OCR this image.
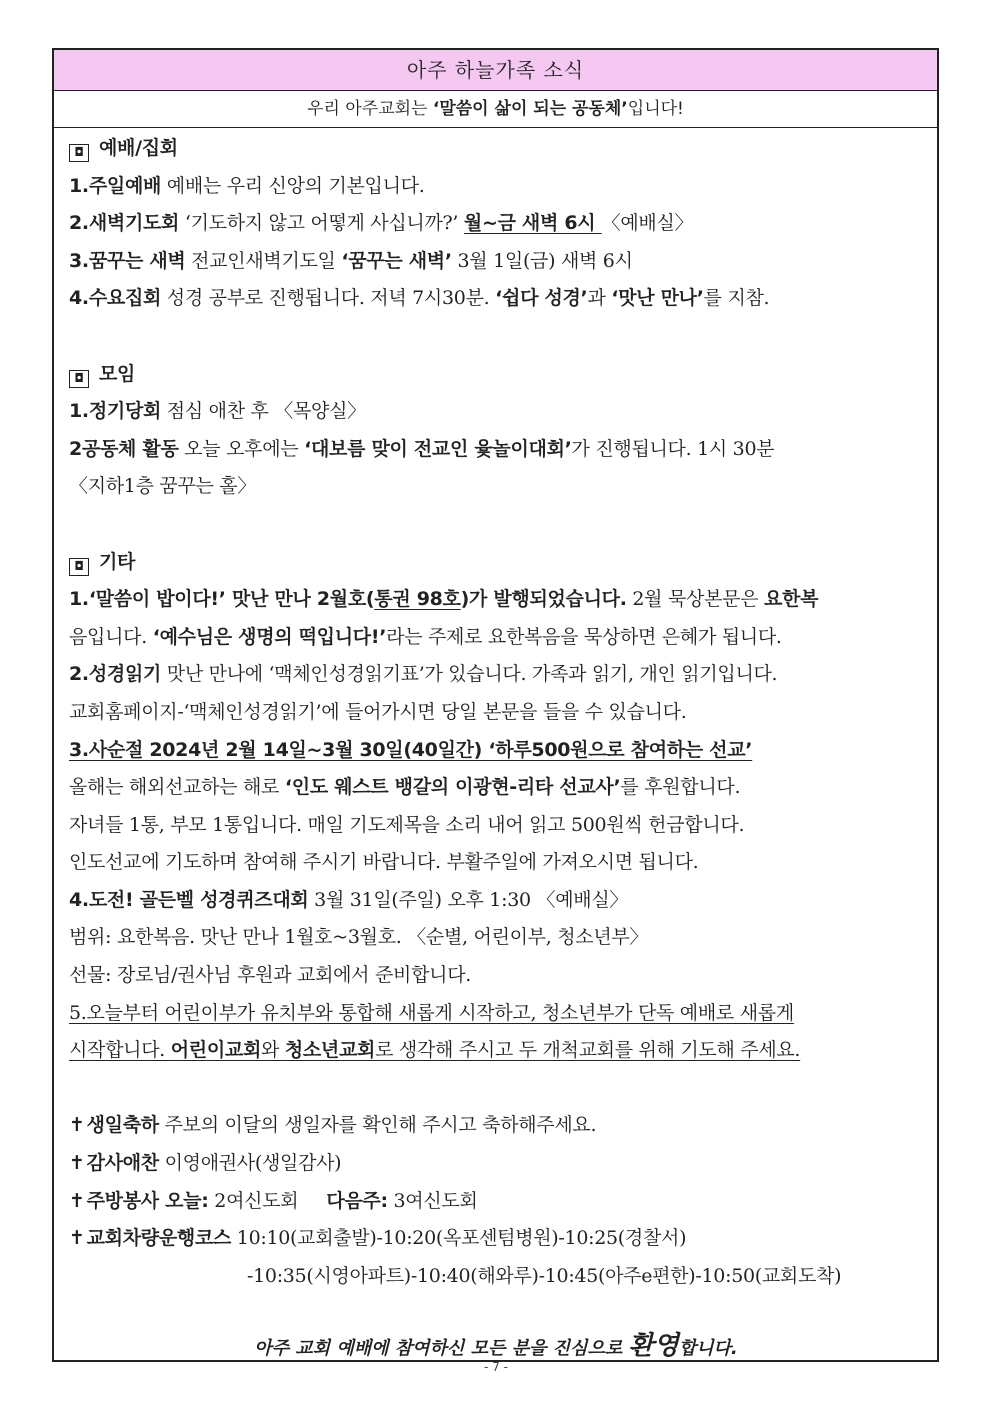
아주 하늘가족 소식
우리 아주교회는 ‘말씀이 삶이 되는 공동체’입니다!
◘ 예배/집회
1.주일예배 예배는 우리 신앙의 기본입니다.
2.새벽기도회 ‘기도하지 않고 어떻게 사십니까?’ 월~금 새벽 6시 〈예배실〉
3.꿈꾸는 새벽 전교인새벽기도일 ‘꿈꾸는 새벽’ 3월 1일(금) 새벽 6시
4.수요집회 성경 공부로 진행됩니다. 저녁 7시30분. ‘쉽다 성경’과 ‘맛난 만나’를 지참.
◘ 모임
1.정기당회 점심 애찬 후 〈목양실〉
2공동체 활동 오늘 오후에는 ‘대보름 맞이 전교인 윷놀이대회’가 진행됩니다. 1시 30분
〈지하1층 꿈꾸는 홀〉
◘ 기타
1.‘말씀이 밥이다!’ 맛난 만나 2월호(통권 98호)가 발행되었습니다. 2월 묵상본문은 요한복
음입니다. ‘예수님은 생명의 떡입니다!’라는 주제로 요한복음을 묵상하면 은혜가 됩니다.
2.성경읽기 맛난 만나에 ‘맥체인성경읽기표’가 있습니다. 가족과 읽기, 개인 읽기입니다.
교회홈페이지-‘맥체인성경읽기’에 들어가시면 당일 본문을 들을 수 있습니다.
3.사순절 2024년 2월 14일~3월 30일(40일간) ‘하루500원으로 참여하는 선교’
올해는 해외선교하는 해로 ‘인도 웨스트 뱅갈의 이광현-리타 선교사’를 후원합니다.
자녀들 1통, 부모 1통입니다. 매일 기도제목을 소리 내어 읽고 500원씩 헌금합니다.
인도선교에 기도하며 참여해 주시기 바랍니다. 부활주일에 가져오시면 됩니다.
4.도전! 골든벨 성경퀴즈대회 3월 31일(주일) 오후 1:30 〈예배실〉
범위: 요한복음. 맛난 만나 1월호~3월호. 〈순별, 어린이부, 청소년부〉
선물: 장로님/권사님 후원과 교회에서 준비합니다.
5.오늘부터 어린이부가 유치부와 통합해 새롭게 시작하고, 청소년부가 단독 예배로 새롭게
시작합니다. 어린이교회와 청소년교회로 생각해 주시고 두 개척교회를 위해 기도해 주세요.
✝ 생일축하 주보의 이달의 생일자를 확인해 주시고 축하해주세요.
✝ 감사애찬 이영애권사(생일감사)
✝ 주방봉사 오늘: 2여신도회 다음주: 3여신도회
✝ 교회차량운행코스 10:10(교회출발)-10:20(옥포센텀병원)-10:25(경찰서)
-10:35(시영아파트)-10:40(해와루)-10:45(아주e편한)-10:50(교회도착)
아주 교회 예배에 참여하신 모든 분을 진심으로 환영합니다.
- 7 -
